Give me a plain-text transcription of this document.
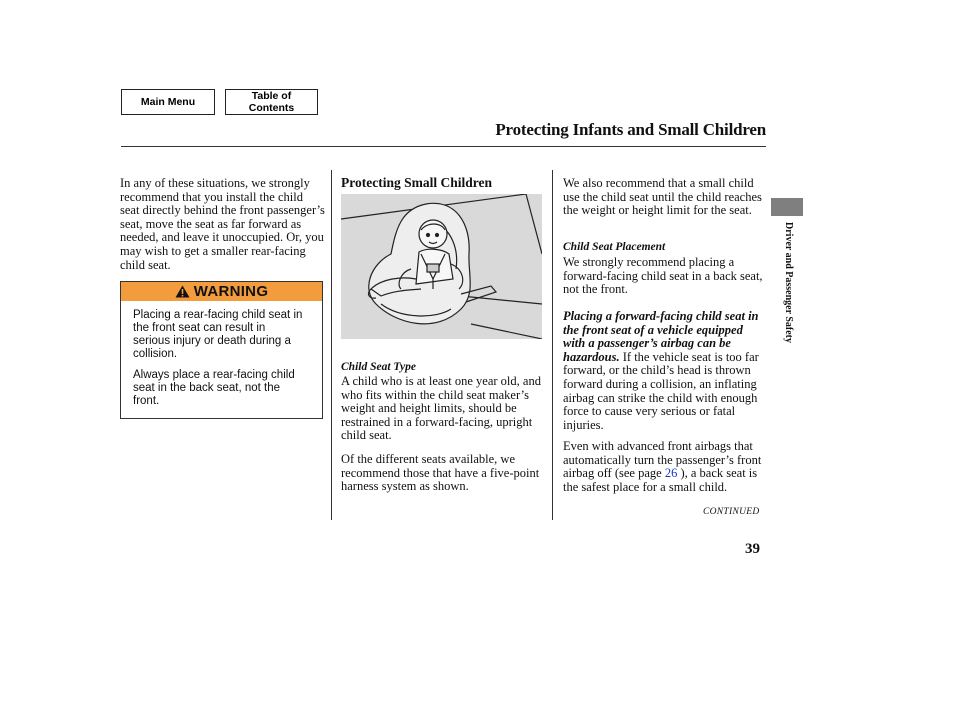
Main Menu	Table of Contents
Protecting Infants and Small Children

In any of these situations, we strongly recommend that you install the child seat directly behind the front passenger’s seat, move the seat as far forward as needed, and leave it unoccupied. Or, you may wish to get a smaller rear-facing child seat.

WARNING

Placing a rear-facing child seat in the front seat can result in serious injury or death during a collision.

Always place a rear-facing child seat in the back seat, not the front.

Protecting Small Children
Child Seat Type

A child who is at least one year old, and who fits within the child seat maker’s weight and height limits, should be restrained in a forward-facing, upright child seat.

Of the different seats available, we recommend those that have a five-point harness system as shown.

We also recommend that a small child use the child seat until the child reaches the weight or height limit for the seat.

Child Seat Placement

We strongly recommend placing a forward-facing child seat in a back seat, not the front.

Placing a forward-facing child seat in the front seat of a vehicle equipped with a passenger’s airbag can be hazardous. If the vehicle seat is too far forward, or the child’s head is thrown forward during a collision, an inflating airbag can strike the child with enough force to cause very serious or fatal injuries.

Even with advanced front airbags that automatically turn the passenger’s front airbag off (see page 26 ), a back seat is the safest place for a small child.

CONTINUED
Driver and Passenger Safety
39
